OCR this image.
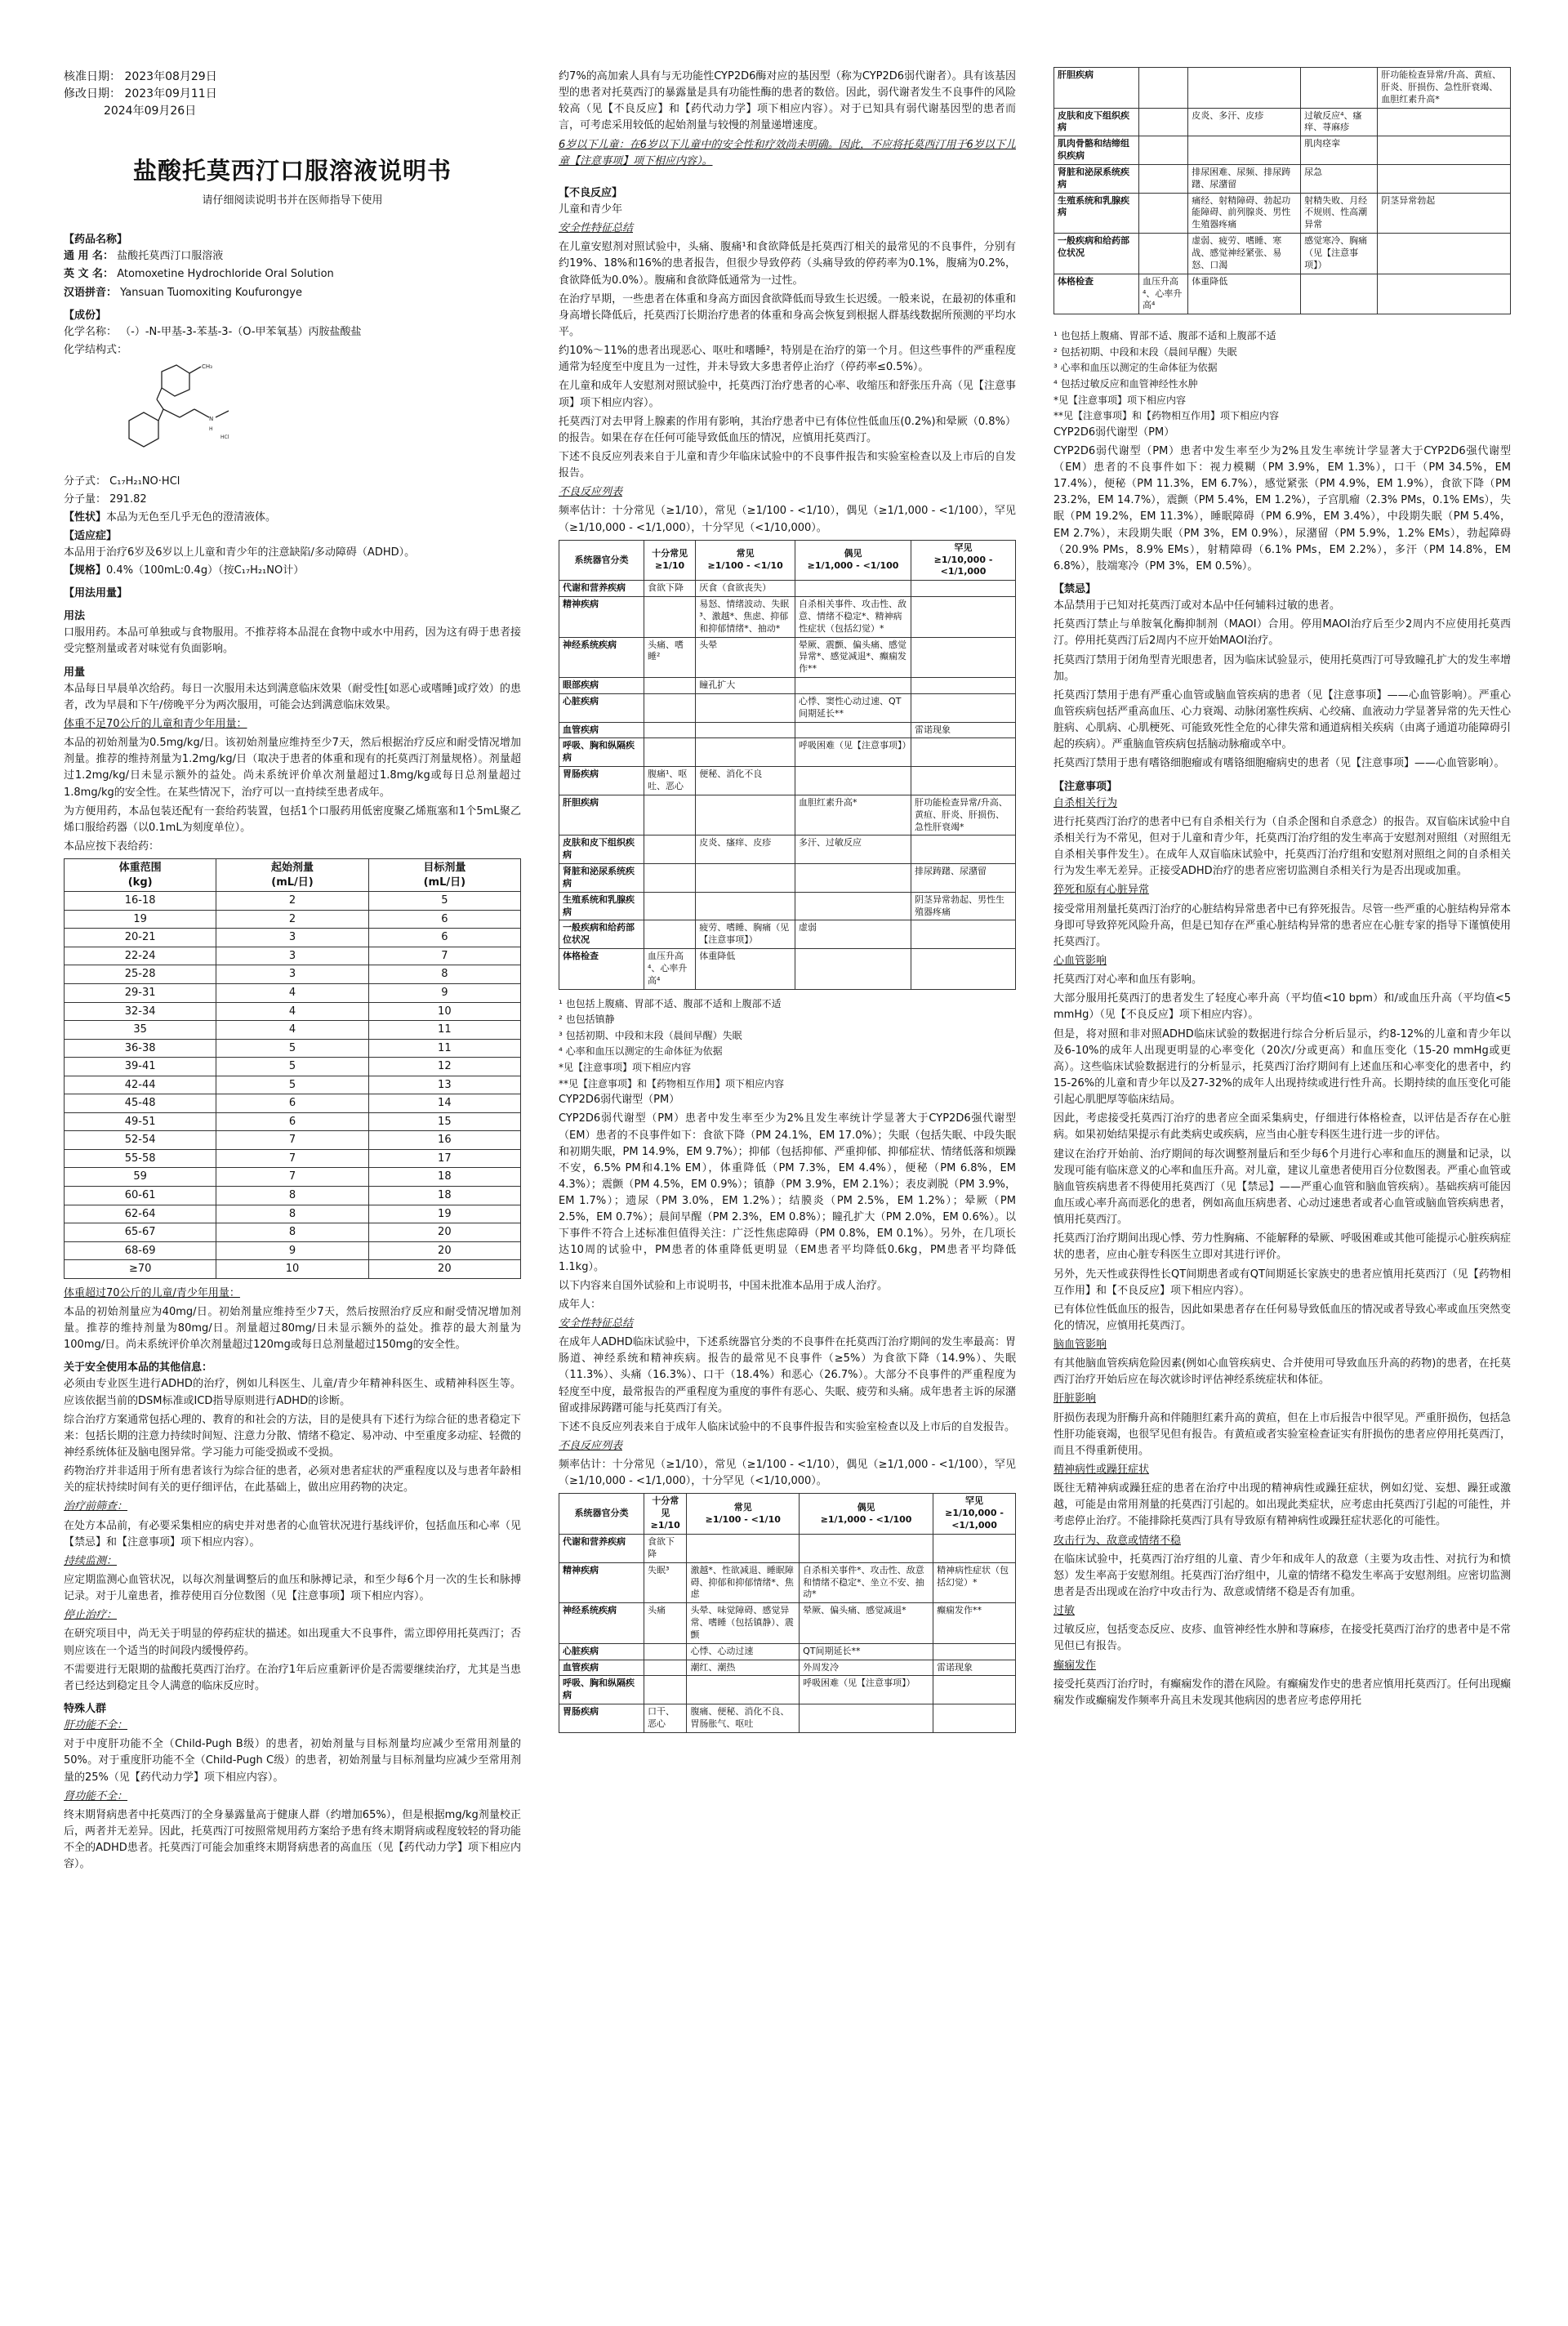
核准日期： 2023年08月29日
修改日期： 2023年09月11日
2024年09月26日
盐酸托莫西汀口服溶液说明书
请仔细阅读说明书并在医师指导下使用
【药品名称】

通 用 名： 盐酸托莫西汀口服溶液

英 文 名： Atomoxetine Hydrochloride Oral Solution

汉语拼音： Yansuan Tuomoxiting Koufurongye

【成份】

化学名称： （-）-N-甲基-3-苯基-3-（O-甲苯氧基）丙胺盐酸盐

化学结构式：

CH₃
N
H
HCl

分子式： C₁₇H₂₁NO·HCl

分子量： 291.82

【性状】本品为无色至几乎无色的澄清液体。

【适应症】
本品用于治疗6岁及6岁以上儿童和青少年的注意缺陷/多动障碍（ADHD）。

【规格】0.4%（100mL:0.4g）（按C₁₇H₂₁NO计）

【用法用量】
用法

口服用药。本品可单独或与食物服用。不推荐将本品混在食物中或水中用药，因为这有碍于患者接受完整剂量或者对味觉有负面影响。

用量

本品每日早晨单次给药。每日一次服用未达到满意临床效果（耐受性[如恶心或嗜睡]或疗效）的患者，改为早晨和下午/傍晚平分为两次服用，可能会达到满意临床效果。

体重不足70公斤的儿童和青少年用量：

本品的初始剂量为0.5mg/kg/日。该初始剂量应维持至少7天，然后根据治疗反应和耐受情况增加剂量。推荐的维持剂量为1.2mg/kg/日（取决于患者的体重和现有的托莫西汀剂量规格）。剂量超过1.2mg/kg/日未显示额外的益处。尚未系统评价单次剂量超过1.8mg/kg或每日总剂量超过1.8mg/kg的安全性。在某些情况下，治疗可以一直持续至患者成年。

为方便用药，本品包装还配有一套给药装置，包括1个口服药用低密度聚乙烯瓶塞和1个5mL聚乙烯口服给药器（以0.1mL为刻度单位）。

本品应按下表给药：

体重范围
(kg)	起始剂量
(mL/日)	目标剂量
(mL/日)
16-18	2	5
19	2	6
20-21	3	6
22-24	3	7
25-28	3	8
29-31	4	9
32-34	4	10
35	4	11
36-38	5	11
39-41	5	12
42-44	5	13
45-48	6	14
49-51	6	15
52-54	7	16
55-58	7	17
59	7	18
60-61	8	18
62-64	8	19
65-67	8	20
68-69	9	20
≥70	10	20

体重超过70公斤的儿童/青少年用量：

本品的初始剂量应为40mg/日。初始剂量应维持至少7天，然后按照治疗反应和耐受情况增加剂量。推荐的维持剂量为80mg/日。剂量超过80mg/日未显示额外的益处。推荐的最大剂量为100mg/日。尚未系统评价单次剂量超过120mg或每日总剂量超过150mg的安全性。

关于安全使用本品的其他信息：

必须由专业医生进行ADHD的治疗，例如儿科医生、儿童/青少年精神科医生、或精神科医生等。应该依据当前的DSM标准或ICD指导原则进行ADHD的诊断。

综合治疗方案通常包括心理的、教育的和社会的方法，目的是使具有下述行为综合征的患者稳定下来：包括长期的注意力持续时间短、注意力分散、情绪不稳定、易冲动、中至重度多动症、轻微的神经系统体征及脑电图异常。学习能力可能受损或不受损。

药物治疗并非适用于所有患者该行为综合征的患者，必须对患者症状的严重程度以及与患者年龄相关的症状持续时间有关的更仔细评估，在此基础上，做出应用药物的决定。

治疗前筛查：

在处方本品前，有必要采集相应的病史并对患者的心血管状况进行基线评价，包括血压和心率（见【禁忌】和【注意事项】项下相应内容）。

持续监测：

应定期监测心血管状况，以每次剂量调整后的血压和脉搏记录，和至少每6个月一次的生长和脉搏记录。对于儿童患者，推荐使用百分位数图（见【注意事项】项下相应内容）。

停止治疗：

在研究项目中，尚无关于明显的停药症状的描述。如出现重大不良事件，需立即停用托莫西汀；否则应该在一个适当的时间段内缓慢停药。

不需要进行无限期的盐酸托莫西汀治疗。在治疗1年后应重新评价是否需要继续治疗，尤其是当患者已经达到稳定且令人满意的临床反应时。

特殊人群

肝功能不全：

对于中度肝功能不全（Child-Pugh B级）的患者，初始剂量与目标剂量均应减少至常用剂量的50%。对于重度肝功能不全（Child-Pugh C级）的患者，初始剂量与目标剂量均应减少至常用剂量的25%（见【药代动力学】项下相应内容）。

肾功能不全：

终末期肾病患者中托莫西汀的全身暴露量高于健康人群（约增加65%），但是根据mg/kg剂量校正后，两者并无差异。因此，托莫西汀可按照常规用药方案给予患有终末期肾病或程度较轻的肾功能不全的ADHD患者。托莫西汀可能会加重终末期肾病患者的高血压（见【药代动力学】项下相应内容）。

约7%的高加索人具有与无功能性CYP2D6酶对应的基因型（称为CYP2D6弱代谢者）。具有该基因型的患者对托莫西汀的暴露量是具有功能性酶的患者的数倍。因此，弱代谢者发生不良事件的风险较高（见【不良反应】和【药代动力学】项下相应内容）。对于已知具有弱代谢基因型的患者而言，可考虑采用较低的起始剂量与较慢的剂量递增速度。

6岁以下儿童：在6岁以下儿童中的安全性和疗效尚未明确。因此，不应将托莫西汀用于6岁以下儿童【注意事项】项下相应内容）。

【不良反应】

儿童和青少年

安全性特征总结

在儿童安慰剂对照试验中，头痛、腹痛¹和食欲降低是托莫西汀相关的最常见的不良事件，分别有约19%、18%和16%的患者报告，但很少导致停药（头痛导致的停药率为0.1%，腹痛为0.2%，食欲降低为0.0%）。腹痛和食欲降低通常为一过性。

在治疗早期，一些患者在体重和身高方面因食欲降低而导致生长迟缓。一般来说，在最初的体重和身高增长降低后，托莫西汀长期治疗患者的体重和身高会恢复到根据人群基线数据所预测的平均水平。

约10%～11%的患者出现恶心、呕吐和嗜睡²，特别是在治疗的第一个月。但这些事件的严重程度通常为轻度至中度且为一过性，并未导致大多患者停止治疗（停药率≤0.5%）。

在儿童和成年人安慰剂对照试验中，托莫西汀治疗患者的心率、收缩压和舒张压升高（见【注意事项】项下相应内容）。

托莫西汀对去甲肾上腺素的作用有影响，其治疗患者中已有体位性低血压(0.2%)和晕厥（0.8%）的报告。如果在存在任何可能导致低血压的情况，应慎用托莫西汀。

下述不良反应列表来自于儿童和青少年临床试验中的不良事件报告和实验室检查以及上市后的自发报告。

不良反应列表

频率估计：十分常见（≥1/10），常见（≥1/100 - <1/10），偶见（≥1/1,000 - <1/100），罕见（≥1/10,000 - <1/1,000），十分罕见（<1/10,000）。

系统器官分类	十分常见
≥1/10	常见
≥1/100 - <1/10	偶见
≥1/1,000 - <1/100	罕见
≥1/10,000 - <1/1,000
代谢和营养疾病	食欲下降	厌食（食欲丧失）		
精神疾病		易怒、情绪波动、失眠³、激越*、焦虑、抑郁和抑郁情绪*、抽动*	自杀相关事件、攻击性、敌意、情绪不稳定*、精神病性症状（包括幻觉）*	
神经系统疾病	头痛、嗜睡²	头晕	晕厥、震颤、偏头痛、感觉异常*、感觉减退*、癫痫发作**	
眼部疾病		瞳孔扩大		
心脏疾病			心悸、窦性心动过速、QT间期延长**	
血管疾病				雷诺现象
呼吸、胸和纵隔疾病			呼吸困难（见【注意事项】）	
胃肠疾病	腹痛¹、呕吐、恶心	便秘、消化不良		
肝胆疾病			血胆红素升高*	肝功能检查异常/升高、黄疸、肝炎、肝损伤、急性肝衰竭*
皮肤和皮下组织疾病		皮炎、瘙痒、皮疹	多汗、过敏反应	
肾脏和泌尿系统疾病				排尿踌躇、尿潴留
生殖系统和乳腺疾病				阴茎异常勃起、男性生殖器疼痛
一般疾病和给药部位状况		疲劳、嗜睡、胸痛（见【注意事项】）	虚弱	
体格检查	血压升高⁴、心率升高⁴	体重降低		

¹ 也包括上腹痛、胃部不适、腹部不适和上腹部不适

² 也包括镇静

³ 包括初期、中段和末段（晨间早醒）失眠

⁴ 心率和血压以测定的生命体征为依据

*见【注意事项】项下相应内容

**见【注意事项】和【药物相互作用】项下相应内容

CYP2D6弱代谢型（PM）

CYP2D6弱代谢型（PM）患者中发生率至少为2%且发生率统计学显著大于CYP2D6强代谢型（EM）患者的不良事件如下：食欲下降（PM 24.1%，EM 17.0%）；失眠（包括失眠、中段失眠和初期失眠，PM 14.9%，EM 9.7%）；抑郁（包括抑郁、严重抑郁、抑郁症状、情绪低落和烦躁不安，6.5% PM和4.1% EM），体重降低（PM 7.3%，EM 4.4%），便秘（PM 6.8%，EM 4.3%）；震颤（PM 4.5%，EM 0.9%）；镇静（PM 3.9%，EM 2.1%）；表皮剥脱（PM 3.9%，EM 1.7%）；遗尿（PM 3.0%，EM 1.2%）；结膜炎（PM 2.5%，EM 1.2%）；晕厥（PM 2.5%，EM 0.7%）；晨间早醒（PM 2.3%，EM 0.8%）；瞳孔扩大（PM 2.0%，EM 0.6%）。以下事件不符合上述标准但值得关注：广泛性焦虑障碍（PM 0.8%，EM 0.1%）。另外，在几项长达10周的试验中，PM患者的体重降低更明显（EM患者平均降低0.6kg，PM患者平均降低1.1kg）。

以下内容来自国外试验和上市说明书，中国未批准本品用于成人治疗。

成年人：

安全性特征总结

在成年人ADHD临床试验中，下述系统器官分类的不良事件在托莫西汀治疗期间的发生率最高：胃肠道、神经系统和精神疾病。报告的最常见不良事件（≥5%）为食欲下降（14.9%）、失眠（11.3%）、头痛（16.3%）、口干（18.4%）和恶心（26.7%）。大部分不良事件的严重程度为轻度至中度，最常报告的严重程度为重度的事件有恶心、失眠、疲劳和头痛。成年患者主诉的尿潴留或排尿踌躇可能与托莫西汀有关。

下述不良反应列表来自于成年人临床试验中的不良事件报告和实验室检查以及上市后的自发报告。

不良反应列表

频率估计：十分常见（≥1/10），常见（≥1/100 - <1/10），偶见（≥1/1,000 - <1/100），罕见（≥1/10,000 - <1/1,000），十分罕见（<1/10,000）。

系统器官分类	十分常见
≥1/10	常见
≥1/100 - <1/10	偶见
≥1/1,000 - <1/100	罕见
≥1/10,000 - <1/1,000
代谢和营养疾病	食欲下降			
精神疾病	失眠³	激越*、性欲减退、睡眠障碍、抑郁和抑郁情绪*、焦虑	自杀相关事件*、攻击性、敌意和情绪不稳定*、坐立不安、抽动*	精神病性症状（包括幻觉）*
神经系统疾病	头痛	头晕、味觉障碍、感觉异常、嗜睡（包括镇静）、震颤	晕厥、偏头痛、感觉减退*	癫痫发作**
心脏疾病		心悸、心动过速	QT间期延长**	
血管疾病		潮红、潮热	外周发冷	雷诺现象
呼吸、胸和纵隔疾病			呼吸困难（见【注意事项】）	
胃肠疾病	口干、恶心	腹痛、便秘、消化不良、胃肠胀气、呕吐		
肝胆疾病				肝功能检查异常/升高、黄疸、肝炎、肝损伤、急性肝衰竭、血胆红素升高*
皮肤和皮下组织疾病		皮炎、多汗、皮疹	过敏反应⁴、瘙痒、荨麻疹	
肌肉骨骼和结缔组织疾病			肌肉痉挛	
肾脏和泌尿系统疾病		排尿困难、尿频、排尿踌躇、尿潴留	尿急	
生殖系统和乳腺疾病		痛经、射精障碍、勃起功能障碍、前列腺炎、男性生殖器疼痛	射精失败、月经不规则、性高潮异常	阴茎异常勃起
一般疾病和给药部位状况		虚弱、疲劳、嗜睡、寒战、感觉神经紧张、易怒、口渴	感觉寒冷、胸痛（见【注意事项】）	
体格检查	血压升高⁴、心率升高⁴	体重降低		

¹ 也包括上腹痛、胃部不适、腹部不适和上腹部不适

² 包括初期、中段和末段（晨间早醒）失眠

³ 心率和血压以测定的生命体征为依据

⁴ 包括过敏反应和血管神经性水肿

*见【注意事项】项下相应内容

**见【注意事项】和【药物相互作用】项下相应内容

CYP2D6弱代谢型（PM）

CYP2D6弱代谢型（PM）患者中发生率至少为2%且发生率统计学显著大于CYP2D6强代谢型（EM）患者的不良事件如下：视力模糊（PM 3.9%，EM 1.3%），口干（PM 34.5%，EM 17.4%），便秘（PM 11.3%，EM 6.7%），感觉紧张（PM 4.9%，EM 1.9%），食欲下降（PM 23.2%，EM 14.7%），震颤（PM 5.4%，EM 1.2%），子宫肌瘤（2.3% PMs，0.1% EMs），失眠（PM 19.2%，EM 11.3%），睡眠障碍（PM 6.9%，EM 3.4%），中段期失眠（PM 5.4%，EM 2.7%），末段期失眠（PM 3%，EM 0.9%），尿潴留（PM 5.9%，1.2% EMs），勃起障碍（20.9% PMs，8.9% EMs），射精障碍（6.1% PMs，EM 2.2%），多汗（PM 14.8%，EM 6.8%），肢端寒冷（PM 3%，EM 0.5%）。

【禁忌】

本品禁用于已知对托莫西汀或对本品中任何辅料过敏的患者。

托莫西汀禁止与单胺氧化酶抑制剂（MAOI）合用。停用MAOI治疗后至少2周内不应使用托莫西汀。停用托莫西汀后2周内不应开始MAOI治疗。

托莫西汀禁用于闭角型青光眼患者，因为临床试验显示，使用托莫西汀可导致瞳孔扩大的发生率增加。

托莫西汀禁用于患有严重心血管或脑血管疾病的患者（见【注意事项】——心血管影响）。严重心血管疾病包括严重高血压、心力衰竭、动脉闭塞性疾病、心绞痛、血液动力学显著异常的先天性心脏病、心肌病、心肌梗死、可能致死性全危的心律失常和通道病相关疾病（由离子通道功能障碍引起的疾病）。严重脑血管疾病包括脑动脉瘤或卒中。

托莫西汀禁用于患有嗜铬细胞瘤或有嗜铬细胞瘤病史的患者（见【注意事项】——心血管影响）。

【注意事项】

自杀相关行为

进行托莫西汀治疗的患者中已有自杀相关行为（自杀企图和自杀意念）的报告。双盲临床试验中自杀相关行为不常见，但对于儿童和青少年，托莫西汀治疗组的发生率高于安慰剂对照组（对照组无自杀相关事件发生）。在成年人双盲临床试验中，托莫西汀治疗组和安慰剂对照组之间的自杀相关行为发生率无差异。正接受ADHD治疗的患者应密切监测自杀相关行为是否出现或加重。

猝死和原有心脏异常

接受常用剂量托莫西汀治疗的心脏结构异常患者中已有猝死报告。尽管一些严重的心脏结构异常本身即可导致猝死风险升高，但是已知存在严重心脏结构异常的患者应在心脏专家的指导下谨慎使用托莫西汀。

心血管影响

托莫西汀对心率和血压有影响。

大部分服用托莫西汀的患者发生了轻度心率升高（平均值<10 bpm）和/或血压升高（平均值<5 mmHg）（见【不良反应】项下相应内容）。

但是，将对照和非对照ADHD临床试验的数据进行综合分析后显示，约8-12%的儿童和青少年以及6-10%的成年人出现更明显的心率变化（20次/分或更高）和血压变化（15-20 mmHg或更高）。这些临床试验数据进行的分析显示，托莫西汀治疗期间有上述血压和心率变化的患者中，约15-26%的儿童和青少年以及27-32%的成年人出现持续或进行性升高。长期持续的血压变化可能引起心肌肥厚等临床结局。

因此，考虑接受托莫西汀治疗的患者应全面采集病史，仔细进行体格检查，以评估是否存在心脏病。如果初始结果提示有此类病史或疾病，应当由心脏专科医生进行进一步的评估。

建议在治疗开始前、治疗期间的每次调整剂量后和至少每6个月进行心率和血压的测量和记录，以发现可能有临床意义的心率和血压升高。对儿童，建议儿童患者使用百分位数图表。严重心血管或脑血管疾病患者不得使用托莫西汀（见【禁忌】——严重心血管和脑血管疾病）。基础疾病可能因血压或心率升高而恶化的患者，例如高血压病患者、心动过速患者或者心血管或脑血管疾病患者，慎用托莫西汀。

托莫西汀治疗期间出现心悸、劳力性胸痛、不能解释的晕厥、呼吸困难或其他可能提示心脏疾病症状的患者，应由心脏专科医生立即对其进行评价。

另外，先天性或获得性长QT间期患者或有QT间期延长家族史的患者应慎用托莫西汀（见【药物相互作用】和【不良反应】项下相应内容）。

已有体位性低血压的报告，因此如果患者存在任何易导致低血压的情况或者导致心率或血压突然变化的情况，应慎用托莫西汀。

脑血管影响

有其他脑血管疾病危险因素(例如心血管疾病史、合并使用可导致血压升高的药物)的患者，在托莫西汀治疗开始后应在每次就诊时评估神经系统症状和体征。

肝脏影响

肝损伤表现为肝酶升高和伴随胆红素升高的黄疸，但在上市后报告中很罕见。严重肝损伤，包括急性肝功能衰竭，也很罕见但有报告。有黄疸或者实验室检查证实有肝损伤的患者应停用托莫西汀，而且不得重新使用。

精神病性或躁狂症状

既往无精神病或躁狂症的患者在治疗中出现的精神病性或躁狂症状，例如幻觉、妄想、躁狂或激越，可能是由常用剂量的托莫西汀引起的。如出现此类症状，应考虑由托莫西汀引起的可能性，并考虑停止治疗。不能排除托莫西汀具有导致原有精神病性或躁狂症状恶化的可能性。

攻击行为、敌意或情绪不稳

在临床试验中，托莫西汀治疗组的儿童、青少年和成年人的敌意（主要为攻击性、对抗行为和愤怒）发生率高于安慰剂组。托莫西汀治疗组中，儿童的情绪不稳发生率高于安慰剂组。应密切监测患者是否出现或在治疗中攻击行为、敌意或情绪不稳是否有加重。

过敏

过敏反应，包括变态反应、皮疹、血管神经性水肿和荨麻疹，在接受托莫西汀治疗的患者中是不常见但已有报告。

癫痫发作

接受托莫西汀治疗时，有癫痫发作的潜在风险。有癫痫发作史的患者应慎用托莫西汀。任何出现癫痫发作或癫痫发作频率升高且未发现其他病因的患者应考虑停用托
